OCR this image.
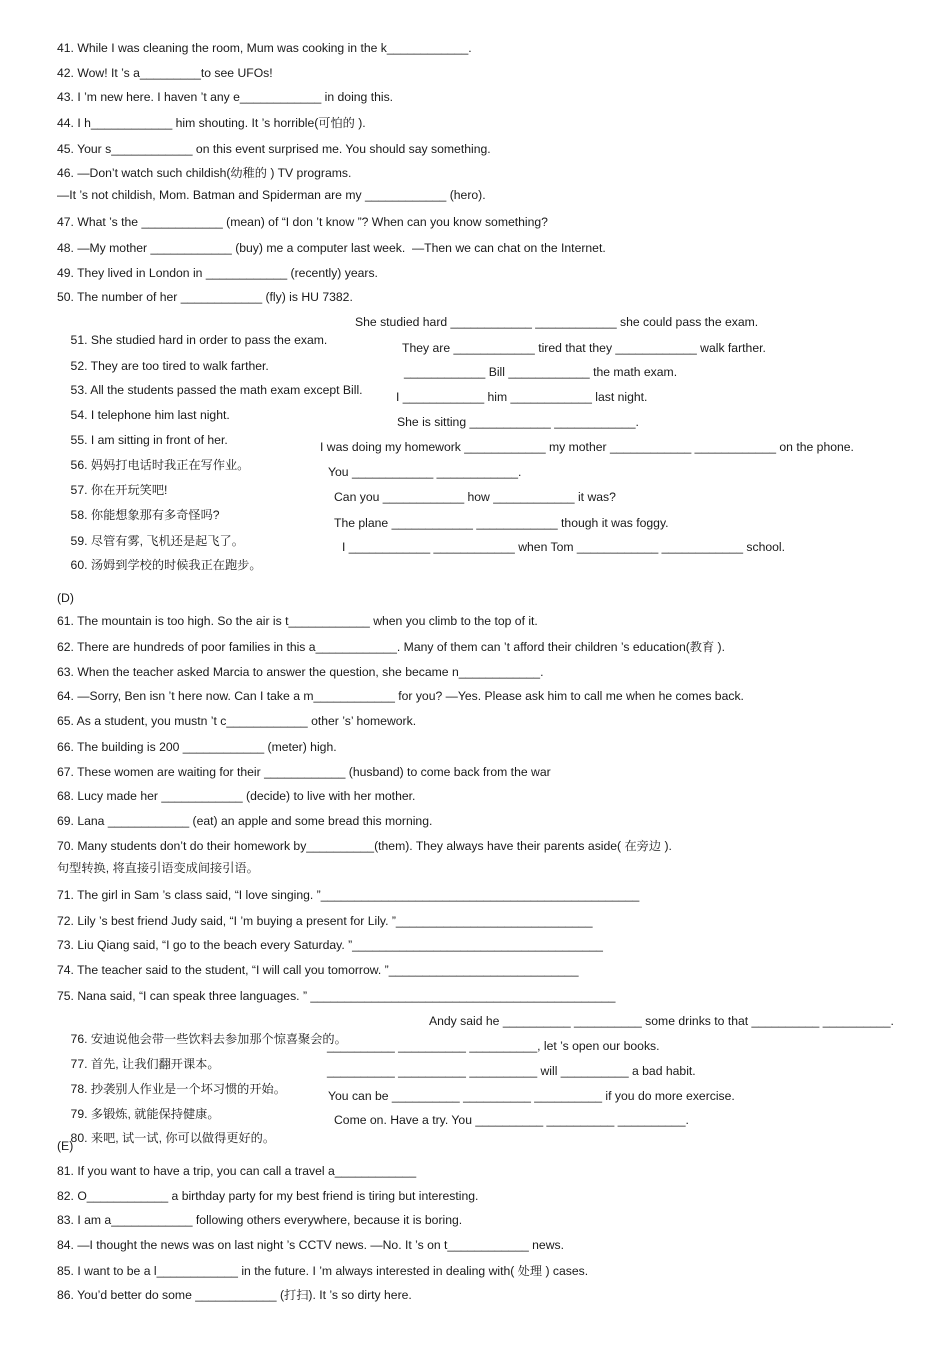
41. While I was cleaning the room, Mum was cooking in the k____________.
42. Wow! It ’s a_________to see UFOs!
43. I ’m new here. I haven ’t any e____________ in doing this.
44. I h____________ him shouting. It ’s horrible(可怕的 ).
45. Your s____________ on this event surprised me. You should say something.
46. —Don’t watch such childish(幼稚的 ) TV programs.
—It ’s not childish, Mom. Batman and Spiderman are my ____________ (hero).
47. What ’s the ____________ (mean) of “I don ’t know ”? When can you know something?
48. —My mother ____________ (buy) me a computer last week.  —Then we can chat on the Internet.
49. They lived in London in ____________ (recently) years.
50. The number of her ____________ (fly) is HU 7382.

51. She studied hard in order to pass the exam.

She studied hard ____________ ____________ she could pass the exam.

52. They are too tired to walk farther.

They are ____________ tired that they ____________ walk farther.

53. All the students passed the math exam except Bill.

____________ Bill ____________ the math exam.

54. I telephone him last night.

I ____________ him ____________ last night.

55. I am sitting in front of her.

She is sitting ____________ ____________.

56. 妈妈打电话时我正在写作业。

I was doing my homework ____________ my mother ____________ ____________ on the phone.

57. 你在开玩笑吧!

You ____________ ____________.

58. 你能想象那有多奇怪吗?

Can you ____________ how ____________ it was?

59. 尽管有雾, 飞机还是起飞了。

The plane ____________ ____________ though it was foggy.

60. 汤姆到学校的时候我正在跑步。

I ____________ ____________ when Tom ____________ ____________ school.

(D)
61. The mountain is too high. So the air is t____________ when you climb to the top of it.
62. There are hundreds of poor families in this a____________. Many of them can ’t afford their children ’s education(教育 ).
63. When the teacher asked Marcia to answer the question, she became n____________.
64. —Sorry, Ben isn ’t here now. Can I take a m____________ for you? —Yes. Please ask him to call me when he comes back.
65. As a student, you mustn ’t c____________ other ’s’ homework.
66. The building is 200 ____________ (meter) high.
67. These women are waiting for their ____________ (husband) to come back from the war
68. Lucy made her ____________ (decide) to live with her mother.
69. Lana ____________ (eat) an apple and some bread this morning.
70. Many students don’t do their homework by__________(them). They always have their parents aside( 在旁边 ).
句型转换, 将直接引语变成间接引语。
71. The girl in Sam ’s class said, “I love singing. ”_______________________________________________
72. Lily ’s best friend Judy said, “I ’m buying a present for Lily. ”_____________________________
73. Liu Qiang said, “I go to the beach every Saturday. ”_____________________________________
74. The teacher said to the student, “I will call you tomorrow. ”____________________________
75. Nana said, “I can speak three languages. ” _____________________________________________

76. 安迪说他会带一些饮料去参加那个惊喜聚会的。

Andy said he __________ __________ some drinks to that __________ __________.

77. 首先, 让我们翻开课本。

__________ __________ __________, let ’s open our books.

78. 抄袭别人作业是一个坏习惯的开始。

__________ __________ __________ will __________ a bad habit.

79. 多锻炼, 就能保持健康。

You can be __________ __________ __________ if you do more exercise.

80. 来吧, 试一试, 你可以做得更好的。

Come on. Have a try. You __________ __________ __________.

(E)
81. If you want to have a trip, you can call a travel a____________
82. O____________ a birthday party for my best friend is tiring but interesting.
83. I am a____________ following others everywhere, because it is boring.
84. —I thought the news was on last night ’s CCTV news. —No. It ’s on t____________ news.
85. I want to be a l____________ in the future. I ’m always interested in dealing with( 处理 ) cases.
86. You’d better do some ____________ (打扫). It ’s so dirty here.
